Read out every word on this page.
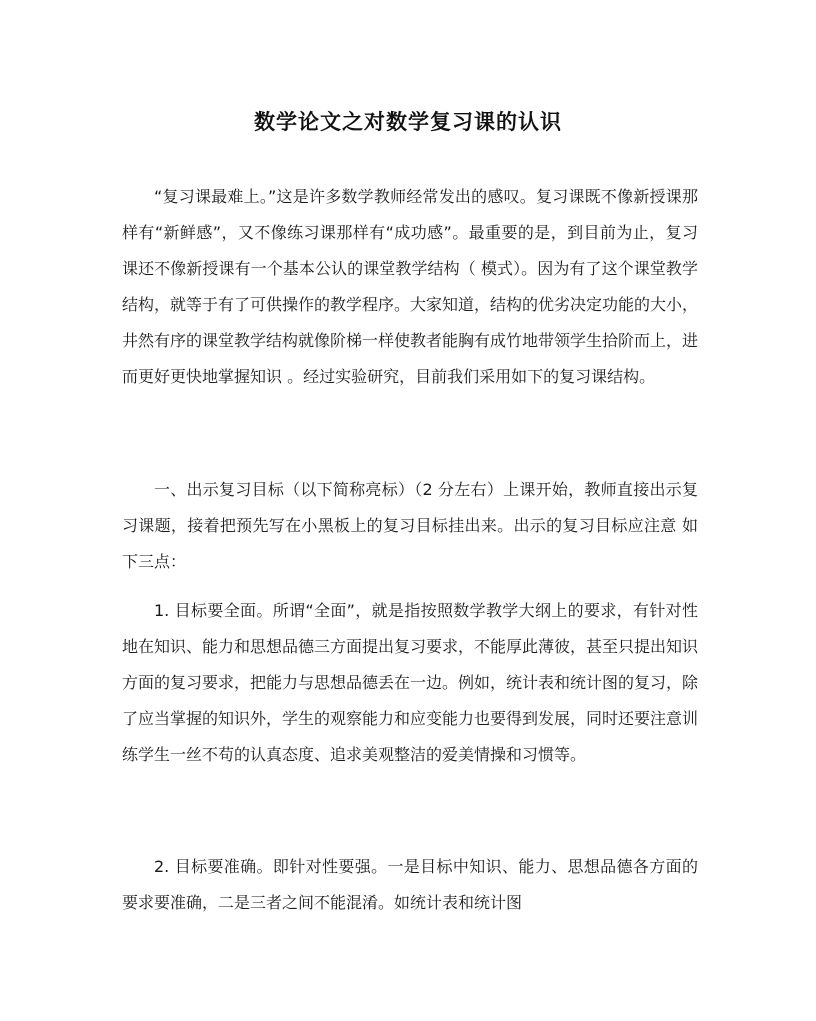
数学论文之对数学复习课的认识

“复习课最难上。”这是许多数学教师经常发出的感叹。复习课既不像新授课那样有“新鲜感”，又不像练习课那样有“成功感”。最重要的是，到目前为止，复习课还不像新授课有一个基本公认的课堂教学结构（ 模式）。因为有了这个课堂教学结构，就等于有了可供操作的教学程序。大家知道，结构的优劣决定功能的大小，井然有序的课堂教学结构就像阶梯一样使教者能胸有成竹地带领学生拾阶而上，进而更好更快地掌握知识 。经过实验研究，目前我们采用如下的复习课结构。

一、出示复习目标（以下简称亮标）（2 分左右）上课开始，教师直接出示复习课题，接着把预先写在小黑板上的复习目标挂出来。出示的复习目标应注意 如下三点：

1. 目标要全面。所谓“全面”，就是指按照数学教学大纲上的要求，有针对性地在知识、能力和思想品德三方面提出复习要求，不能厚此薄彼，甚至只提出知识方面的复习要求，把能力与思想品德丢在一边。例如，统计表和统计图的复习，除了应当掌握的知识外，学生的观察能力和应变能力也要得到发展，同时还要注意训练学生一丝不苟的认真态度、追求美观整洁的爱美情操和习惯等。

2. 目标要准确。即针对性要强。一是目标中知识、能力、思想品德各方面的要求要准确，二是三者之间不能混淆。如统计表和统计图
